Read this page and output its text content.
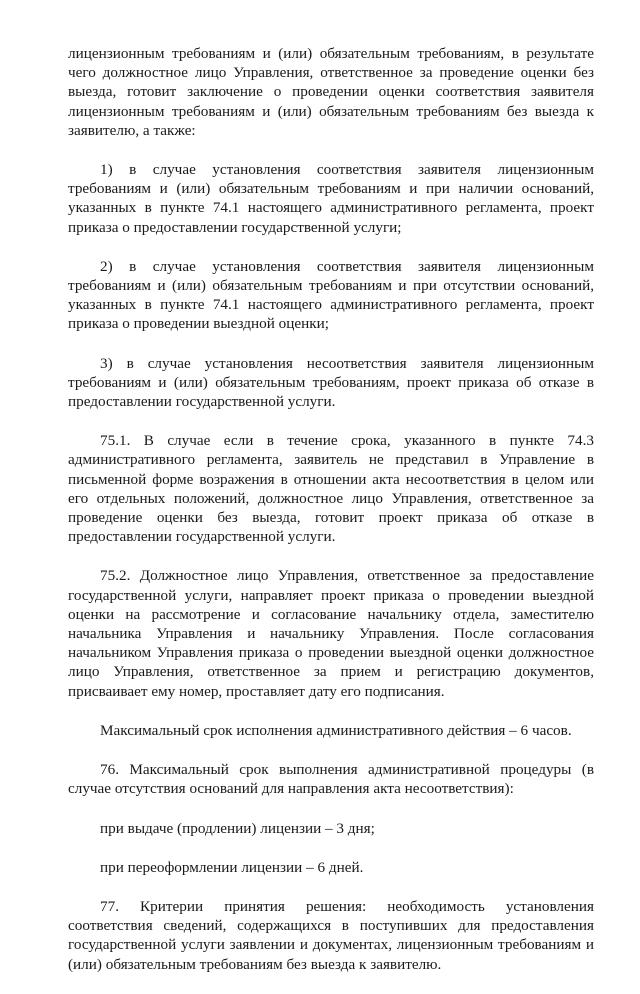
лицензионным требованиям и (или) обязательным требованиям, в результате чего должностное лицо Управления, ответственное за проведение оценки без выезда, готовит заключение о проведении оценки соответствия заявителя лицензионным требованиям и (или) обязательным требованиям без выезда к заявителю, а также:

1) в случае установления соответствия заявителя лицензионным требованиям и (или) обязательным требованиям и при наличии оснований, указанных в пункте 74.1 настоящего административного регламента, проект приказа о предоставлении государственной услуги;

2) в случае установления соответствия заявителя лицензионным требованиям и (или) обязательным требованиям и при отсутствии оснований, указанных в пункте 74.1 настоящего административного регламента, проект приказа о проведении выездной оценки;

3) в случае установления несоответствия заявителя лицензионным требованиям и (или) обязательным требованиям, проект приказа об отказе в предоставлении государственной услуги.

75.1. В случае если в течение срока, указанного в пункте 74.3 административного регламента, заявитель не представил в Управление в письменной форме возражения в отношении акта несоответствия в целом или его отдельных положений, должностное лицо Управления, ответственное за проведение оценки без выезда, готовит проект приказа об отказе в предоставлении государственной услуги.

75.2. Должностное лицо Управления, ответственное за предоставление государственной услуги, направляет проект приказа о проведении выездной оценки на рассмотрение и согласование начальнику отдела, заместителю начальника Управления и начальнику Управления. После согласования начальником Управления приказа о проведении выездной оценки должностное лицо Управления, ответственное за прием и регистрацию документов, присваивает ему номер, проставляет дату его подписания.

Максимальный срок исполнения административного действия – 6 часов.

76. Максимальный срок выполнения административной процедуры (в случае отсутствия оснований для направления акта несоответствия):

при выдаче (продлении) лицензии – 3 дня;

при переоформлении лицензии – 6 дней.

77. Критерии принятия решения: необходимость установления соответствия сведений, содержащихся в поступивших для предоставления государственной услуги заявлении и документах, лицензионным требованиям и (или) обязательным требованиям без выезда к заявителю.
